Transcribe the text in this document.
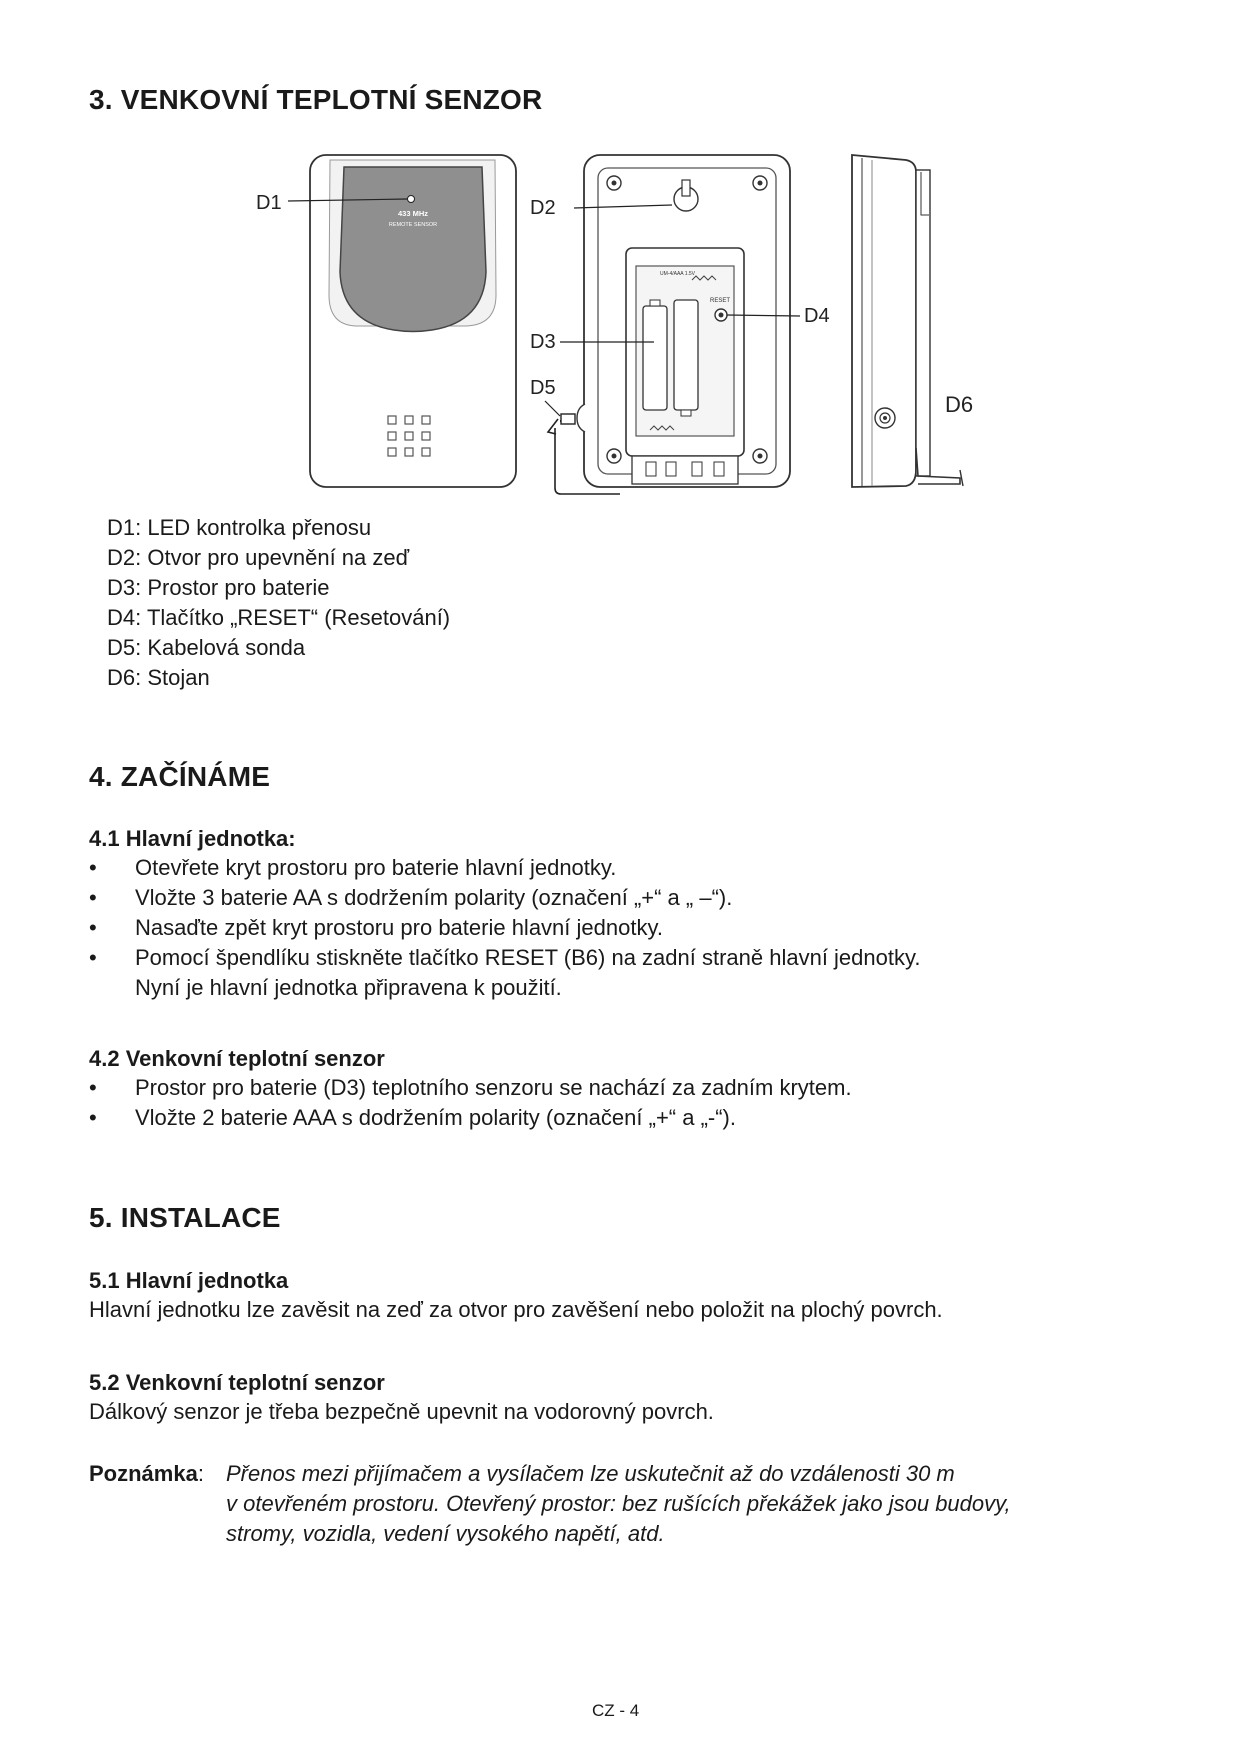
3. VENKOVNÍ TEPLOTNÍ SENZOR
433 MHz
REMOTE SENSOR
D1
UM-4/AAA 1.5V
RESET
D2
D3
D4
D5
D6
D1: LED kontrolka přenosu
D2: Otvor pro upevnění na zeď
D3: Prostor pro baterie
D4: Tlačítko „RESET“ (Resetování)
D5: Kabelová sonda
D6: Stojan
4. ZAČÍNÁME
4.1 Hlavní jednotka:
• Otevřete kryt prostoru pro baterie hlavní jednotky.
• Vložte 3 baterie AA s dodržením polarity (označení „+“ a „ –“).
• Nasaďte zpět kryt prostoru pro baterie hlavní jednotky.
• Pomocí špendlíku stiskněte tlačítko RESET (B6) na zadní straně hlavní jednotky.
Nyní je hlavní jednotka připravena k použití.
4.2 Venkovní teplotní senzor
• Prostor pro baterie (D3) teplotního senzoru se nachází za zadním krytem.
• Vložte 2 baterie AAA s dodržením polarity (označení „+“ a „-“).
5. INSTALACE
5.1 Hlavní jednotka
Hlavní jednotku lze zavěsit na zeď za otvor pro zavěšení nebo položit na plochý povrch.
5.2 Venkovní teplotní senzor
Dálkový senzor je třeba bezpečně upevnit na vodorovný povrch.
Poznámka: Přenos mezi přijímačem a vysílačem lze uskutečnit až do vzdálenosti 30 m
v otevřeném prostoru. Otevřený prostor: bez rušících překážek jako jsou budovy,
stromy, vozidla, vedení vysokého napětí, atd.
CZ - 4
